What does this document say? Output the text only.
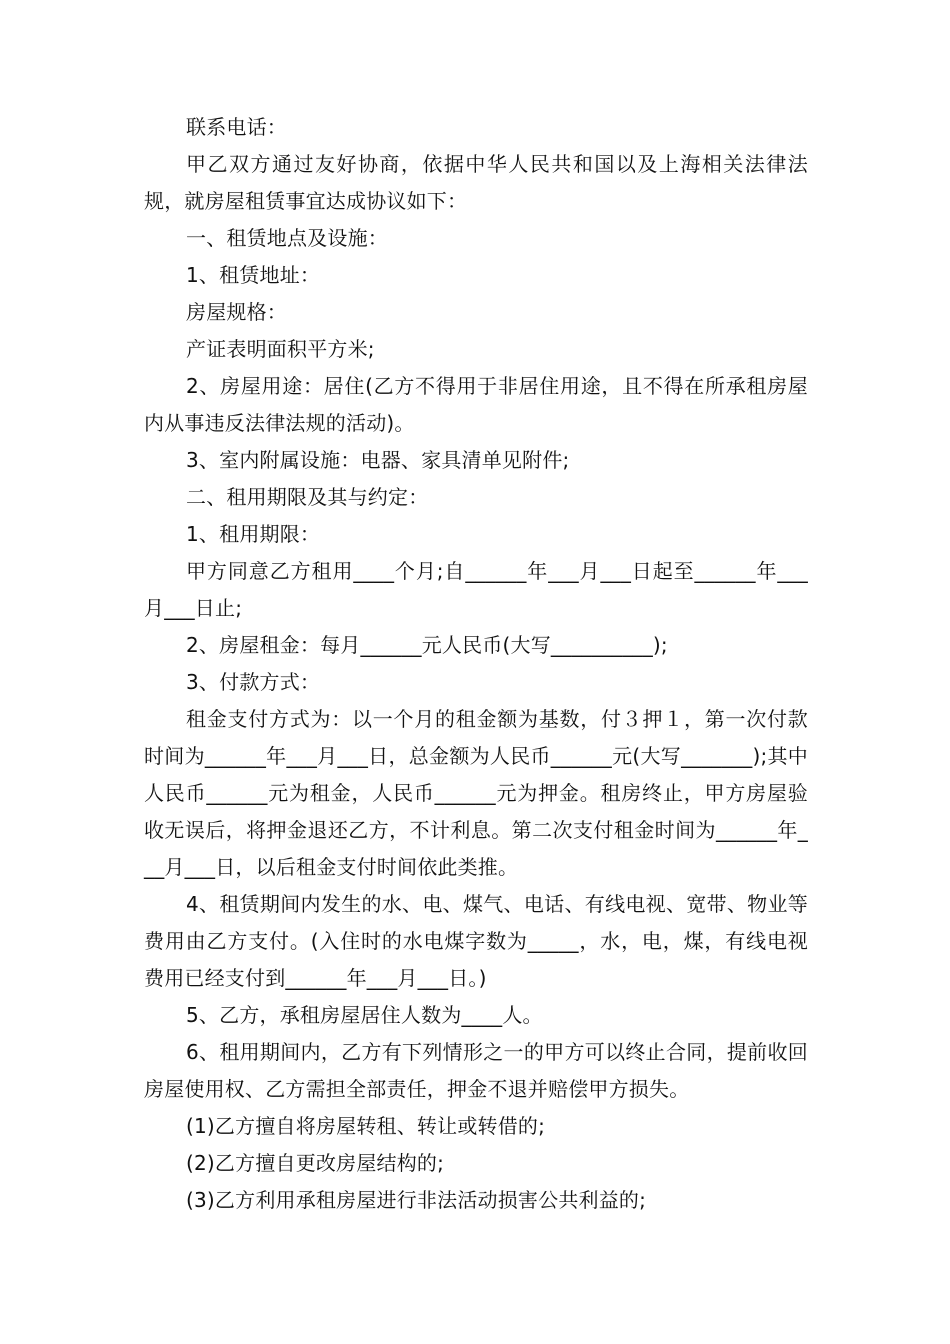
联系电话：

甲乙双方通过友好协商，依据中华人民共和国以及上海相关法律法规，就房屋租赁事宜达成协议如下：

一、租赁地点及设施：

1、租赁地址：

房屋规格：

产证表明面积平方米;

2、房屋用途：居住(乙方不得用于非居住用途，且不得在所承租房屋内从事违反法律法规的活动)。

3、室内附属设施：电器、家具清单见附件;

二、租用期限及其与约定：

1、租用期限：

甲方同意乙方租用____个月;自______年___月___日起至______年___月___日止;

2、房屋租金：每月______元人民币(大写__________);

3、付款方式：

租金支付方式为：以一个月的租金额为基数，付３押１，第一次付款时间为______年___月___日，总金额为人民币______元(大写_______);其中人民币______元为租金，人民币______元为押金。租房终止，甲方房屋验收无误后，将押金退还乙方，不计利息。第二次支付租金时间为______年___月___日，以后租金支付时间依此类推。

4、租赁期间内发生的水、电、煤气、电话、有线电视、宽带、物业等费用由乙方支付。(入住时的水电煤字数为_____，水，电，煤，有线电视费用已经支付到______年___月___日。)

5、乙方，承租房屋居住人数为____人。

6、租用期间内，乙方有下列情形之一的甲方可以终止合同，提前收回房屋使用权、乙方需担全部责任，押金不退并赔偿甲方损失。

(1)乙方擅自将房屋转租、转让或转借的;

(2)乙方擅自更改房屋结构的;

(3)乙方利用承租房屋进行非法活动损害公共利益的;
